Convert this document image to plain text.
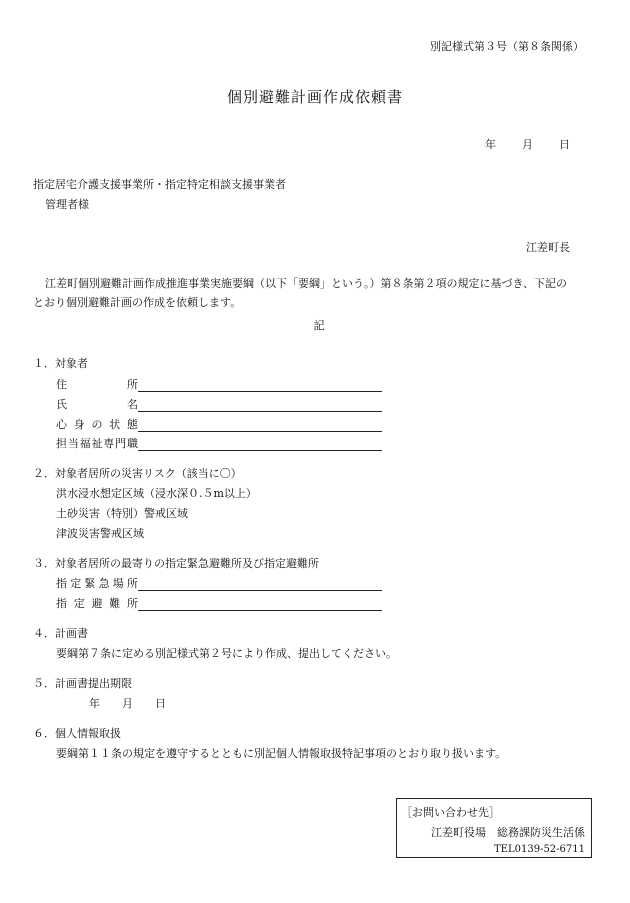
別記様式第３号（第８条関係）
個別避難計画作成依頼書
年 月 日
指定居宅介護支援事業所・指定特定相談支援事業者
管理者様
江差町長
江差町個別避難計画作成推進事業実施要綱（以下「要綱」という。）第８条第２項の規定に基づき、下記の
とおり個別避難計画の作成を依頼します。
記
１．対象者
住　　所
氏　　名
心 身 の 状 態
担当福祉専門職
２．対象者居所の災害リスク（該当に〇）
洪水浸水想定区域（浸水深０.５m以上）
土砂災害（特別）警戒区域
津波災害警戒区域
３．対象者居所の最寄りの指定緊急避難所及び指定避難所
指定緊急場所
指 定 避 難 所
４．計画書
要綱第７条に定める別記様式第２号により作成、提出してください。
５．計画書提出期限
年 月 日
６．個人情報取扱
要綱第１１条の規定を遵守するとともに別記個人情報取扱特記事項のとおり取り扱います。
［お問い合わせ先］
江差町役場　総務課防災生活係
TEL0139-52-6711
